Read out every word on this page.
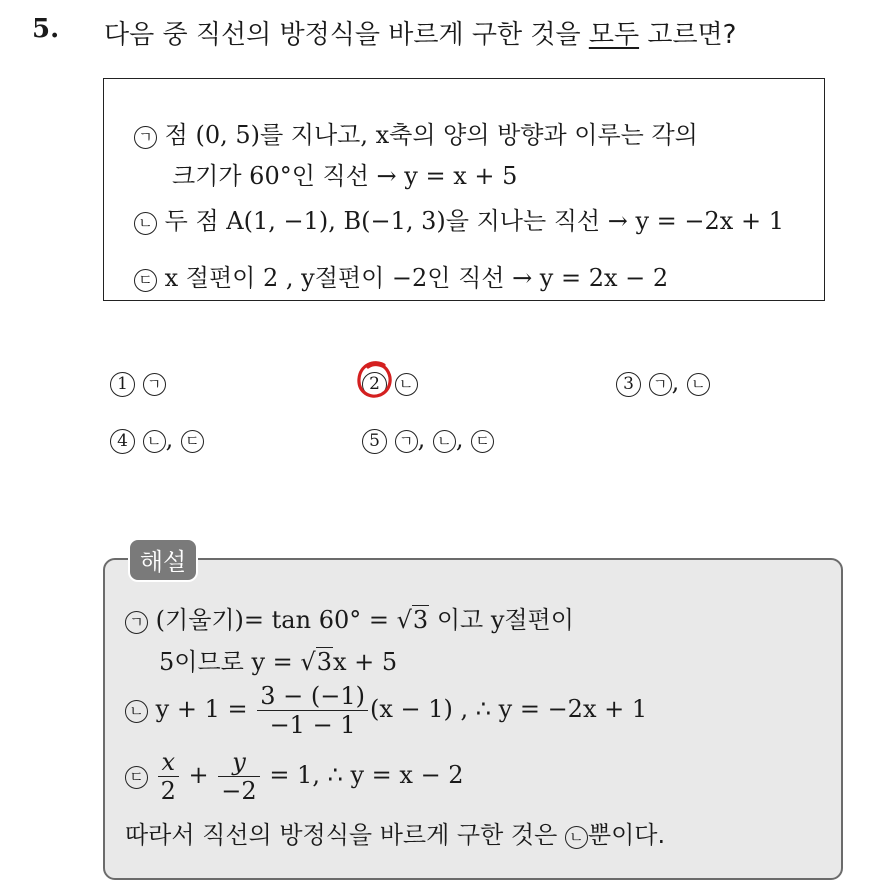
5. 다음 중 직선의 방정식을 바르게 구한 것을 모두 고르면?
ㄱ 점 (0, 5)를 지나고, x축의 양의 방향과 이루는 각의
크기가 60°인 직선 → y = x + 5
ㄴ 두 점 A(1, −1), B(−1, 3)을 지나는 직선 → y = −2x + 1
ㄷ x 절편이 2 , y절편이 −2인 직선 → y = 2x − 2
1 ㄱ	2 ㄴ	3 ㄱ , ㄴ
4 ㄴ , ㄷ	5 ㄱ , ㄴ , ㄷ
ㄱ (기울기)= tan 60° = √3 이고 y절편이
5이므로 y = √3x + 5
ㄴ $y + 1 = \frac{3 - (-1)}{-1 - 1} (x - 1)$ , ∴ y = −2x + 1
ㄷ $\frac{x}{2} + \frac{y}{-2} = 1$, ∴ y = x − 2
따라서 직선의 방정식을 바르게 구한 것은 ㄴ 뿐이다.
해설
